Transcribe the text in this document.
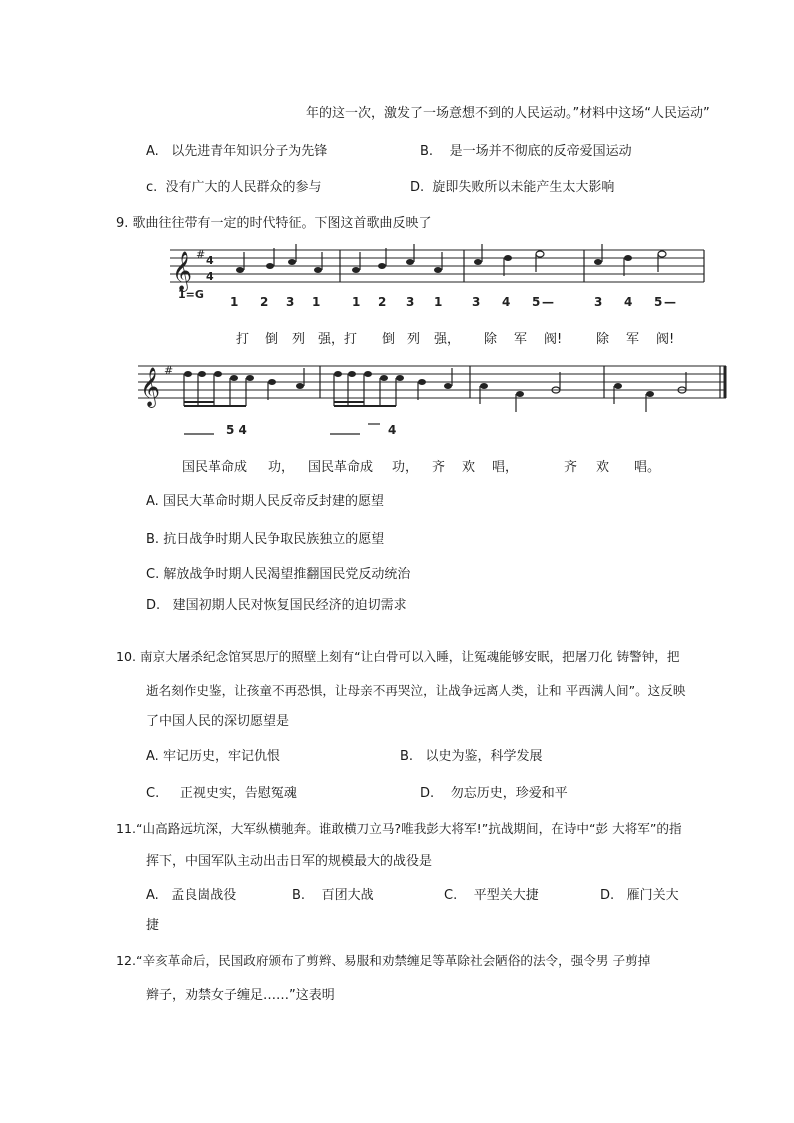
年的这一次，激发了一场意想不到的人民运动。”材料中这场“人民运动”
A. 以先进青年知识分子为先锋	B. 是一场并不彻底的反帝爱国运动
c. 没有广大的人民群众的参与	D. 旋即失败所以未能产生太大影响
9. 歌曲往往带有一定的时代特征。下图这首歌曲反映了
𝄞 # 4
4
1=G
1 2 3 1	1 2 3 1 3 4 5 —	3 4 5 —
打 倒 列 强，打 倒 列 强， 除 军 阀!	除 军 阀!
𝄞 #
5 4	4
国民革命成 功， 国民革命成 功， 齐 欢 唱，	齐 欢 唱。
A. 国民大革命时期人民反帝反封建的愿望
B. 抗日战争时期人民争取民族独立的愿望
C. 解放战争时期人民渴望推翻国民党反动统治
D. 建国初期人民对恢复国民经济的迫切需求
10. 南京大屠杀纪念馆冥思厅的照壁上刻有“让白骨可以入睡，让冤魂能够安眠，把屠刀化 铸警钟，把
逝名刻作史鉴，让孩童不再恐惧，让母亲不再哭泣，让战争远离人类，让和 平西满人间”。这反映
了中国人民的深切愿望是
A. 牢记历史，牢记仇恨	B. 以史为鉴，科学发展
C. 正视史实，告慰冤魂	D. 勿忘历史，珍爱和平
11.“山高路远坑深，大军纵横驰奔。谁敢横刀立马?唯我彭大将军!”抗战期间，在诗中“彭 大将军”的指
挥下，中国军队主动出击日军的规模最大的战役是
A. 孟良崮战役	B. 百团大战	C. 平型关大捷	D. 雁门关大
捷
12.“辛亥革命后，民国政府颁布了剪辫、易服和劝禁缠足等革除社会陋俗的法令，强令男 子剪掉
辫子，劝禁女子缠足……”这表明
